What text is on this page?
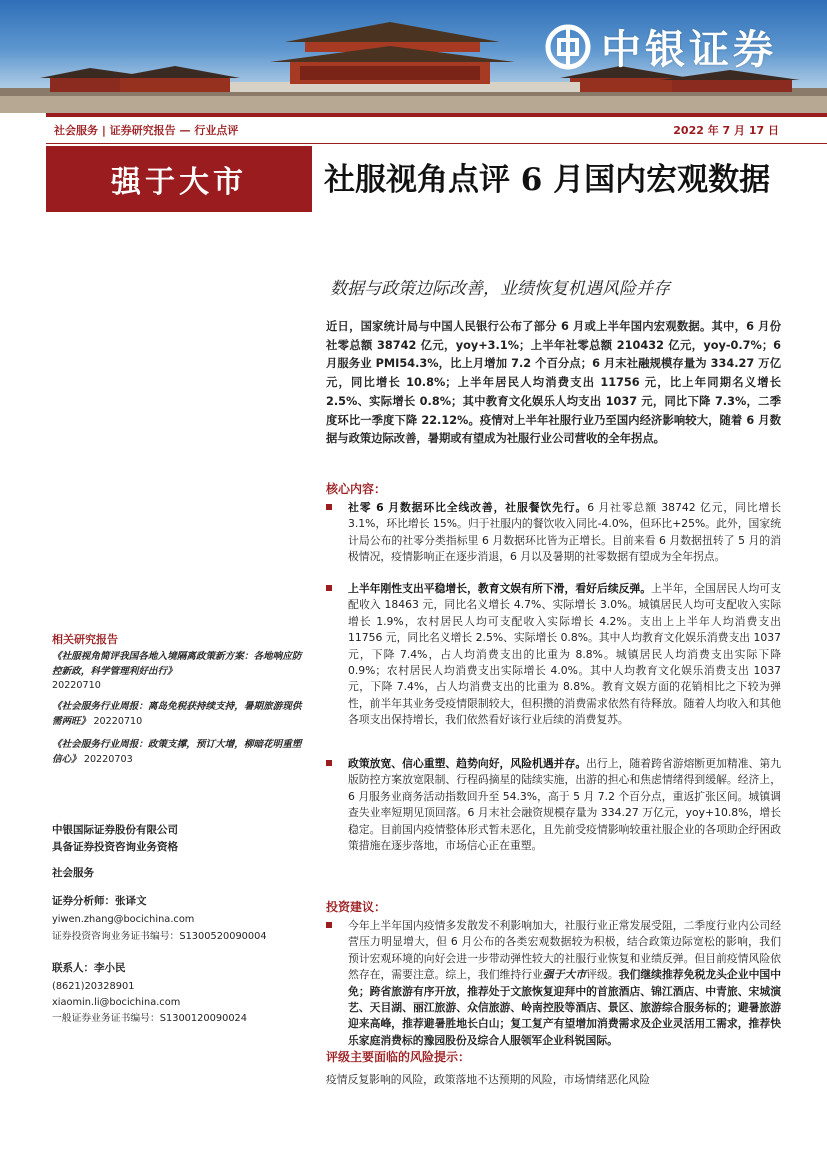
中银证券
社会服务 | 证券研究报告 — 行业点评	2022 年 7 月 17 日
强于大市	社服视角点评 6 月国内宏观数据
数据与政策边际改善，业绩恢复机遇风险并存
近日，国家统计局与中国人民银行公布了部分 6 月或上半年国内宏观数据。其中，6 月份社零总额 38742 亿元，yoy+3.1%；上半年社零总额 210432 亿元，yoy-0.7%；6 月服务业 PMI54.3%，比上月增加 7.2 个百分点；6 月末社融规模存量为 334.27 万亿元，同比增长 10.8%；上半年居民人均消费支出 11756 元，比上年同期名义增长 2.5%、实际增长 0.8%；其中教育文化娱乐人均支出 1037 元，同比下降 7.3%，二季度环比一季度下降 22.12%。疫情对上半年社服行业乃至国内经济影响较大，随着 6 月数据与政策边际改善，暑期或有望成为社服行业公司营收的全年拐点。
核心内容：
社零 6 月数据环比全线改善，社服餐饮先行。6 月社零总额 38742 亿元，同比增长 3.1%，环比增长 15%。归于社服内的餐饮收入同比-4.0%，但环比+25%。此外，国家统计局公布的社零分类指标里 6 月数据环比皆为正增长。目前来看 6 月数据扭转了 5 月的消极情况，疫情影响正在逐步消退，6 月以及暑期的社零数据有望成为全年拐点。
上半年刚性支出平稳增长，教育文娱有所下滑，看好后续反弹。上半年，全国居民人均可支配收入 18463 元，同比名义增长 4.7%、实际增长 3.0%。城镇居民人均可支配收入实际增长 1.9%，农村居民人均可支配收入实际增长 4.2%。支出上上半年人均消费支出 11756 元，同比名义增长 2.5%、实际增长 0.8%。其中人均教育文化娱乐消费支出 1037 元，下降 7.4%，占人均消费支出的比重为 8.8%。城镇居民人均消费支出实际下降 0.9%；农村居民人均消费支出实际增长 4.0%。其中人均教育文化娱乐消费支出 1037 元，下降 7.4%，占人均消费支出的比重为 8.8%。教育文娱方面的花销相比之下较为弹性，前半年其业务受疫情限制较大，但积攒的消费需求依然有待释放。随着人均收入和其他各项支出保持增长，我们依然看好该行业后续的消费复苏。
政策放宽、信心重塑、趋势向好，风险机遇并存。出行上，随着跨省游熔断更加精准、第九版防控方案放宽限制、行程码摘星的陆续实施，出游的担心和焦虑情绪得到缓解。经济上，6 月服务业商务活动指数回升至 54.3%，高于 5 月 7.2 个百分点，重返扩张区间。城镇调查失业率短期见顶回落。6 月末社会融资规模存量为 334.27 万亿元，yoy+10.8%，增长稳定。目前国内疫情整体形式暂未恶化，且先前受疫情影响较重社服企业的各项助企纾困政策措施在逐步落地，市场信心正在重塑。
投资建议：
今年上半年国内疫情多发散发不利影响加大，社服行业正常发展受阻，二季度行业内公司经营压力明显增大，但 6 月公布的各类宏观数据较为积极，结合政策边际宽松的影响，我们预计宏观环境的向好会进一步带动弹性较大的社服行业恢复和业绩反弹。但目前疫情风险依然存在，需要注意。综上，我们维持行业强于大市评级。我们继续推荐免税龙头企业中国中免；跨省旅游有序开放，推荐处于文旅恢复迎拜中的首旅酒店、锦江酒店、中青旅、宋城演艺、天目湖、丽江旅游、众信旅游、岭南控股等酒店、景区、旅游综合服务标的；避暑旅游迎来高峰，推荐避暑胜地长白山；复工复产有望增加消费需求及企业灵活用工需求，推荐快乐家庭消费标的豫园股份及综合人服领军企业科锐国际。
评级主要面临的风险提示：
疫情反复影响的风险，政策落地不达预期的风险，市场情绪恶化风险
相关研究报告
《社服视角简评我国各地入境隔离政策新方案：各地响应防控新政，科学管理利好出行》
20220710
《社会服务行业周报：离岛免税获持续支持，暑期旅游现供需两旺》 20220710
《社会服务行业周报：政策支撑，预订大增，柳暗花明重塑信心》 20220703
中银国际证券股份有限公司
具备证券投资咨询业务资格
社会服务
证券分析师：张译文
yiwen.zhang@bocichina.com
证券投资咨询业务证书编号：S1300520090004
联系人：李小民
(8621)20328901
xiaomin.li@bocichina.com
一般证券业务证书编号：S1300120090024
